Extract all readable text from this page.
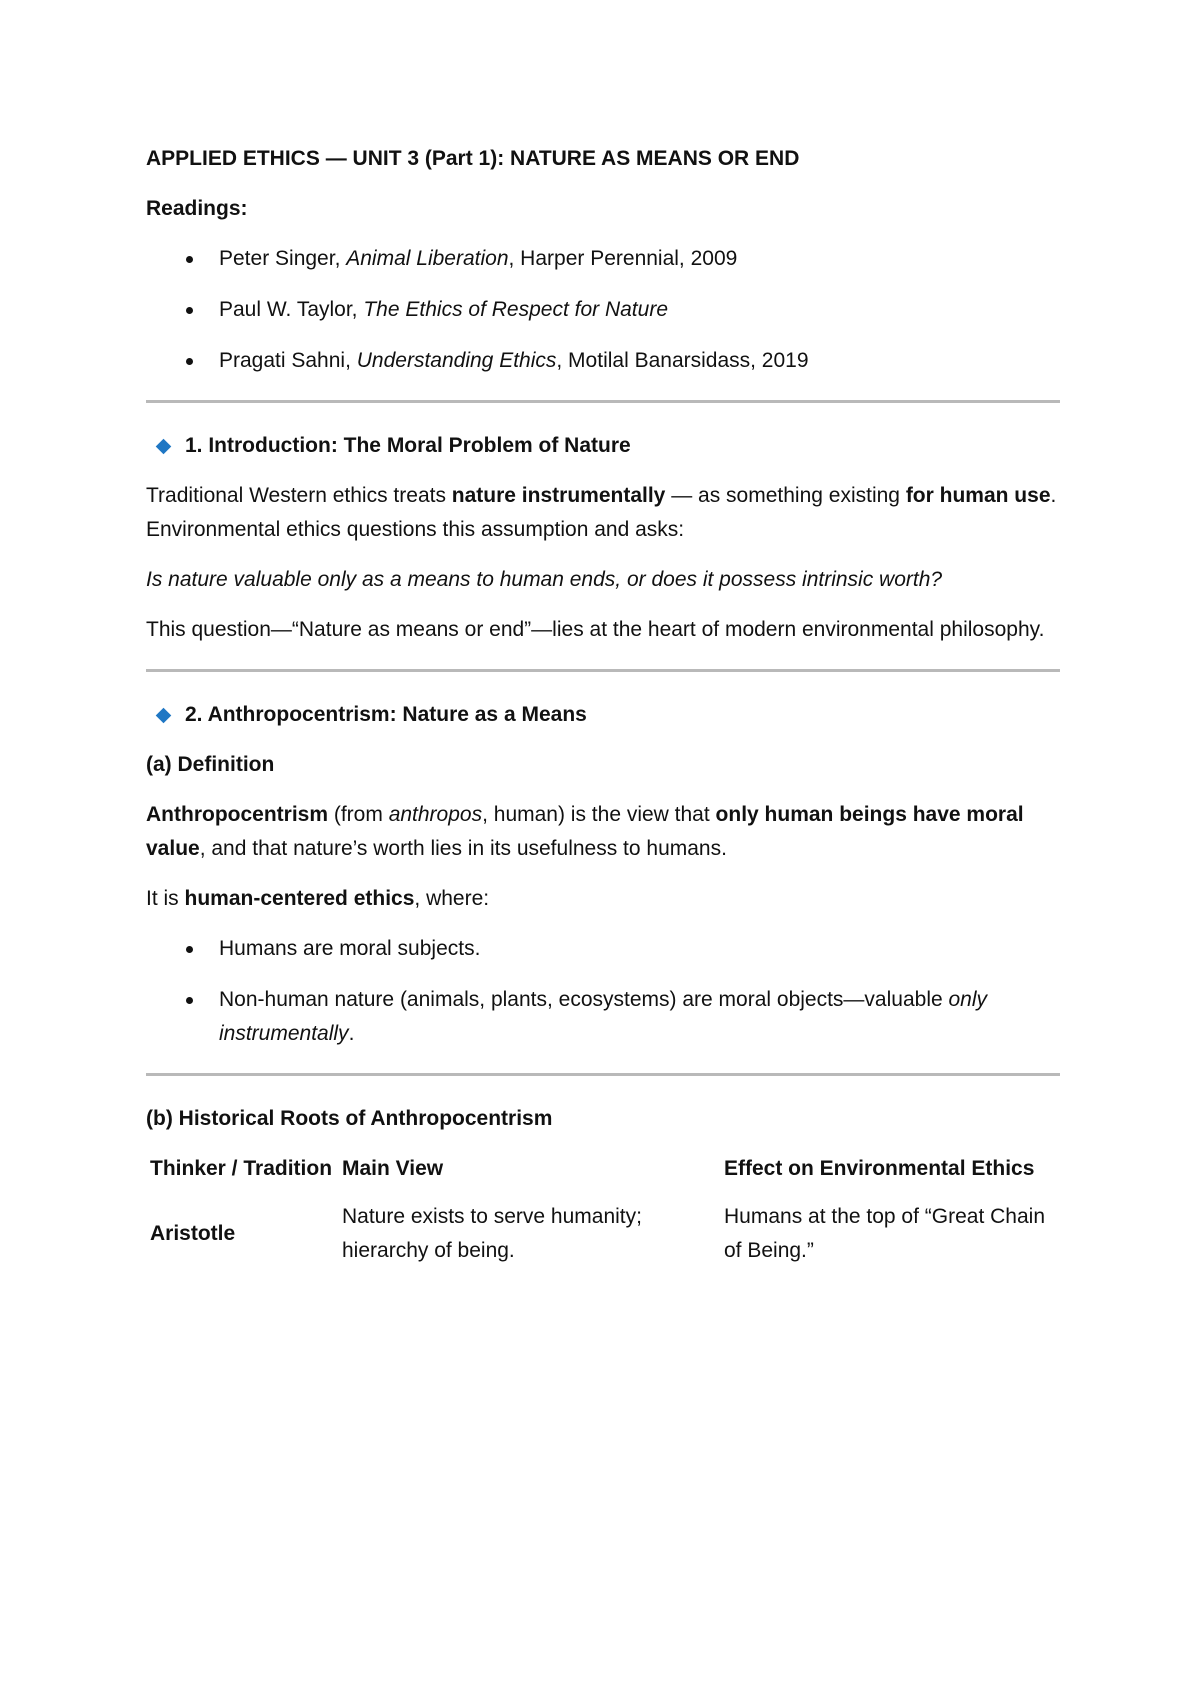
APPLIED ETHICS — UNIT 3 (Part 1): NATURE AS MEANS OR END
Readings:
Peter Singer, Animal Liberation, Harper Perennial, 2009
Paul W. Taylor, The Ethics of Respect for Nature
Pragati Sahni, Understanding Ethics, Motilal Banarsidass, 2019
1. Introduction: The Moral Problem of Nature

Traditional Western ethics treats nature instrumentally — as something existing for human use.

Environmental ethics questions this assumption and asks:

Is nature valuable only as a means to human ends, or does it possess intrinsic worth?

This question—“Nature as means or end”—lies at the heart of modern environmental philosophy.

2. Anthropocentrism: Nature as a Means
(a) Definition

Anthropocentrism (from anthropos, human) is the view that only human beings have moral value, and that nature’s worth lies in its usefulness to humans.

It is human-centered ethics, where:

Humans are moral subjects.
Non-human nature (animals, plants, ecosystems) are moral objects—valuable only instrumentally.
(b) Historical Roots of Anthropocentrism
Thinker / Tradition Main View	Effect on Environmental Ethics
Aristotle
Nature exists to serve humanity; hierarchy of being.
Humans at the top of “Great Chain of Being.”
